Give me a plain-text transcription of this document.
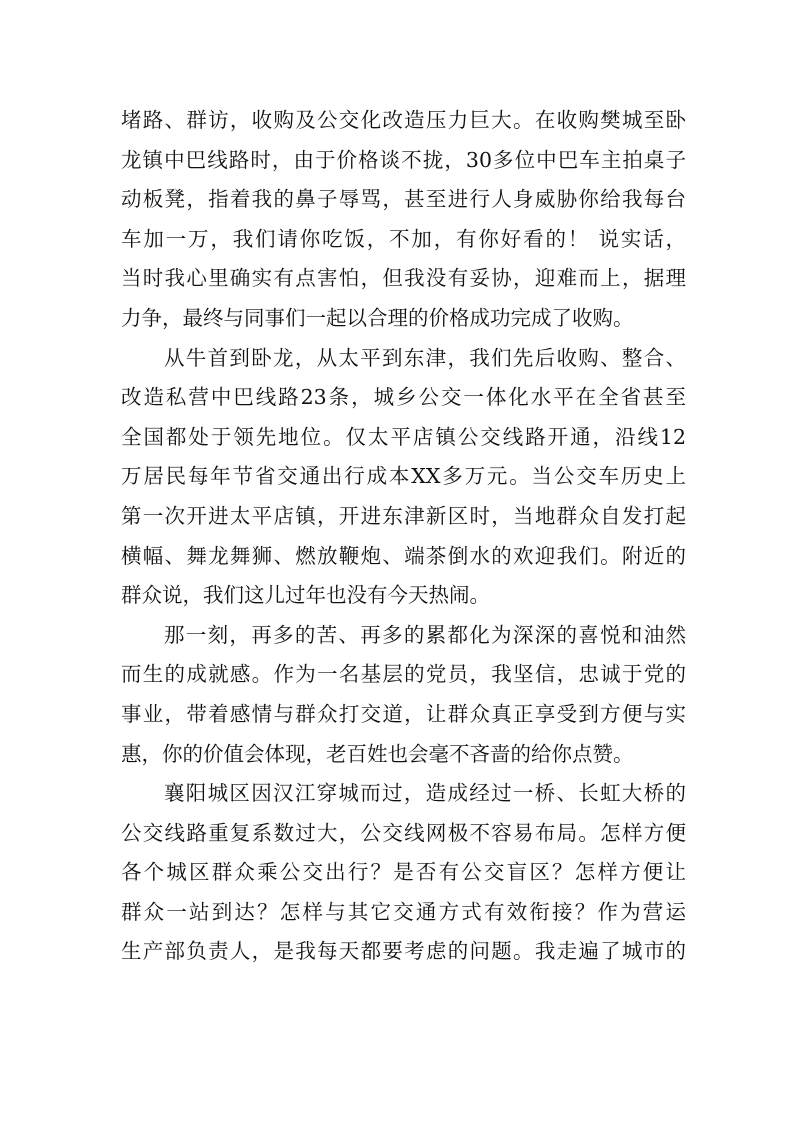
堵路、群访，收购及公交化改造压力巨大。在收购樊城至卧
龙镇中巴线路时，由于价格谈不拢，30多位中巴车主拍桌子
动板凳，指着我的鼻子辱骂，甚至进行人身威胁你给我每台
车加一万，我们请你吃饭，不加，有你好看的！ 说实话，
当时我心里确实有点害怕，但我没有妥协，迎难而上，据理
力争，最终与同事们一起以合理的价格成功完成了收购。
从牛首到卧龙，从太平到东津，我们先后收购、整合、
改造私营中巴线路23条，城乡公交一体化水平在全省甚至
全国都处于领先地位。仅太平店镇公交线路开通，沿线12
万居民每年节省交通出行成本XX多万元。当公交车历史上
第一次开进太平店镇，开进东津新区时，当地群众自发打起
横幅、舞龙舞狮、燃放鞭炮、端茶倒水的欢迎我们。附近的
群众说，我们这儿过年也没有今天热闹。
那一刻，再多的苦、再多的累都化为深深的喜悦和油然
而生的成就感。作为一名基层的党员，我坚信，忠诚于党的
事业，带着感情与群众打交道，让群众真正享受到方便与实
惠，你的价值会体现，老百姓也会毫不吝啬的给你点赞。
襄阳城区因汉江穿城而过，造成经过一桥、长虹大桥的
公交线路重复系数过大，公交线网极不容易布局。怎样方便
各个城区群众乘公交出行？是否有公交盲区？怎样方便让
群众一站到达？怎样与其它交通方式有效衔接？作为营运
生产部负责人，是我每天都要考虑的问题。我走遍了城市的
